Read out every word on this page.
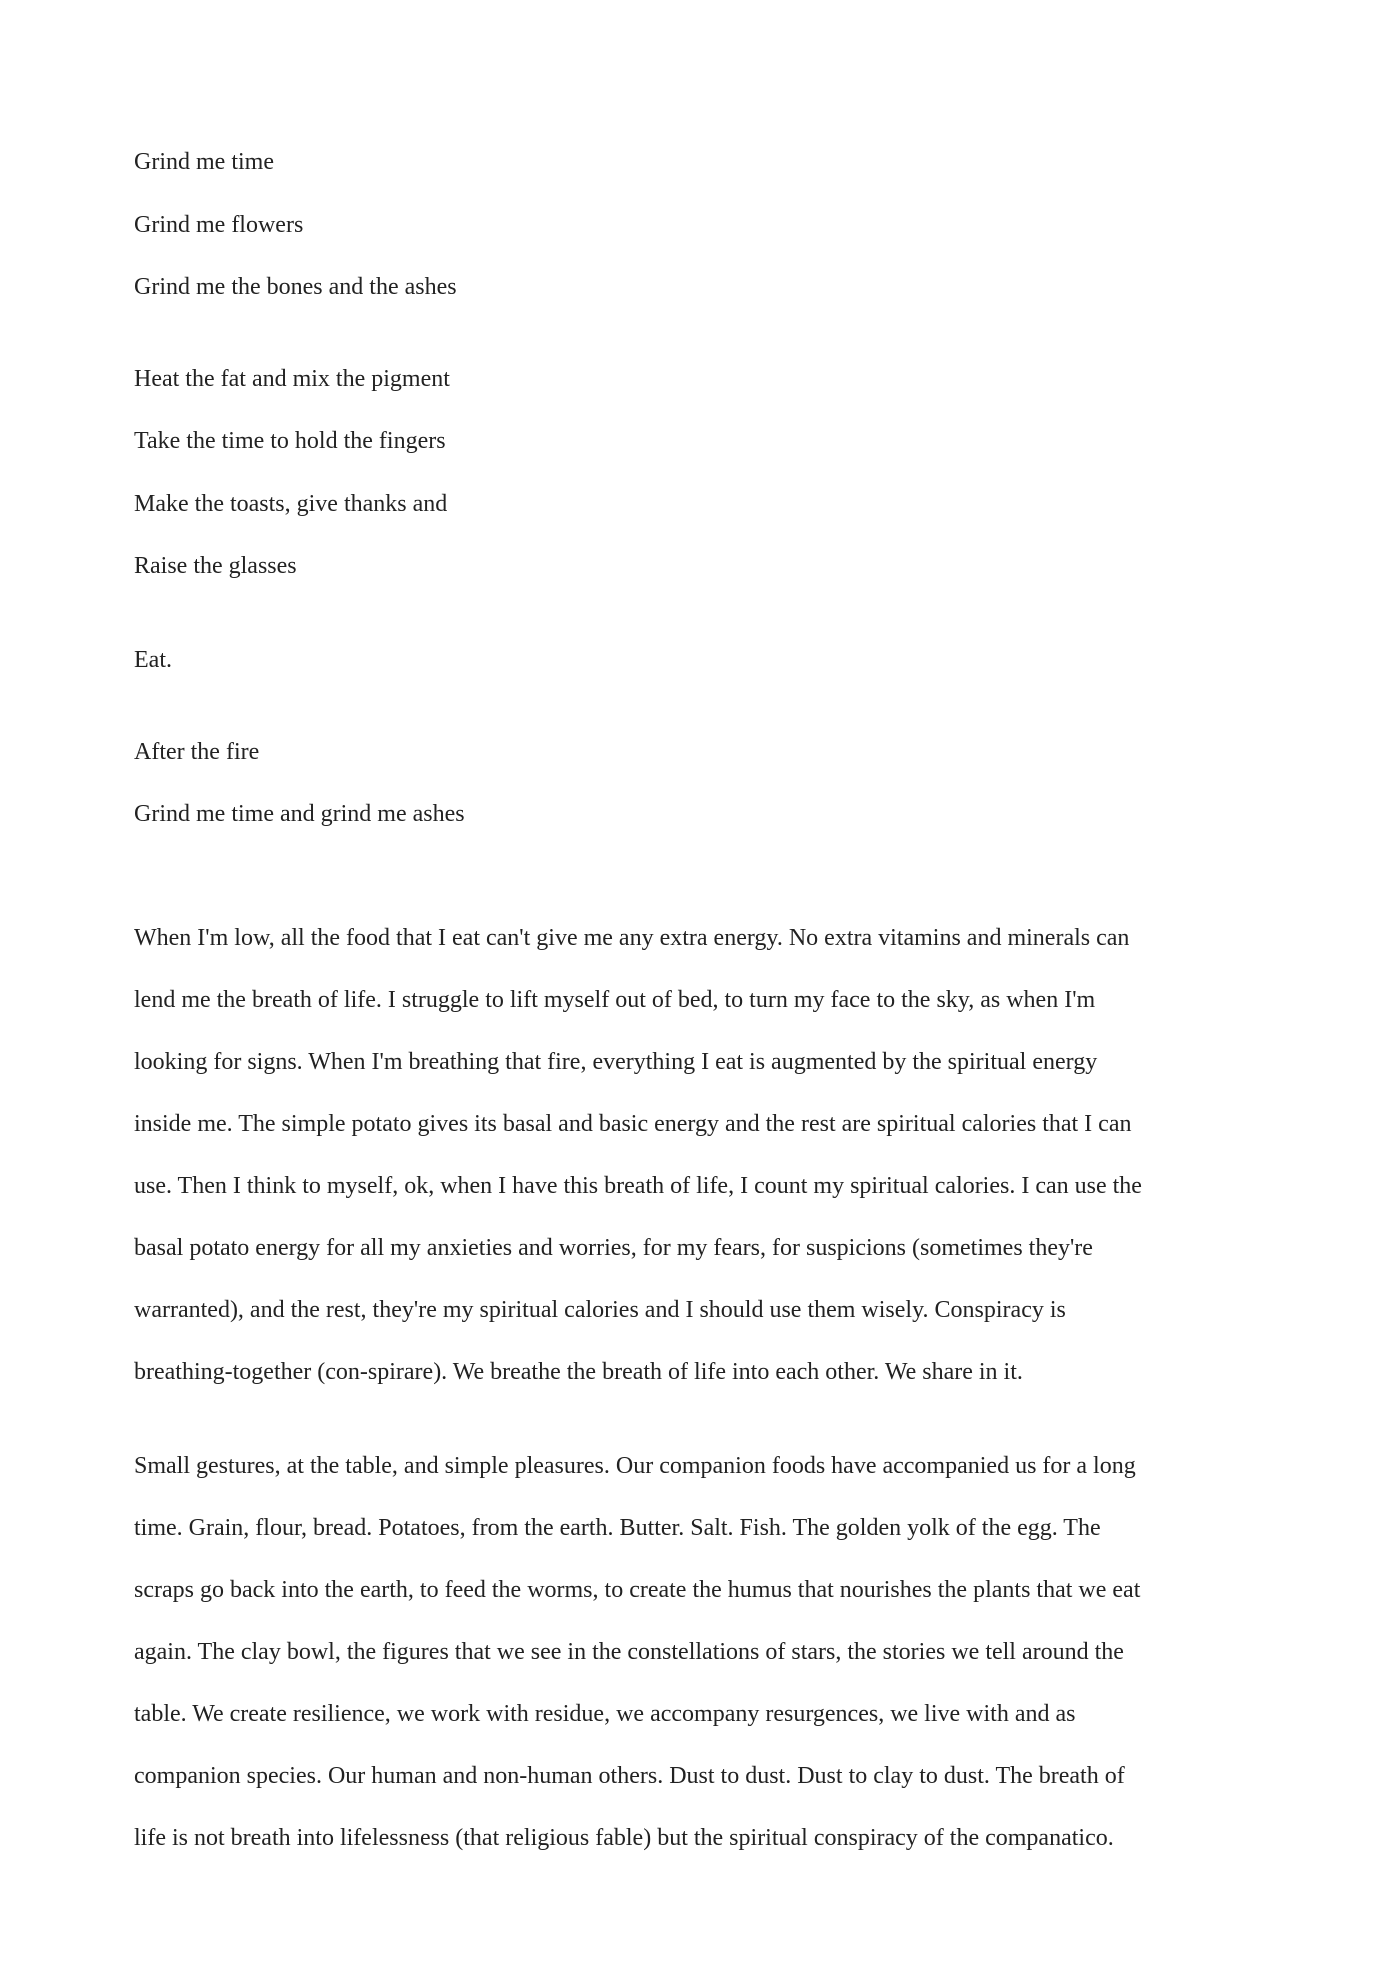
Grind me time
Grind me flowers
Grind me the bones and the ashes
Heat the fat and mix the pigment
Take the time to hold the fingers
Make the toasts, give thanks and
Raise the glasses
Eat.
After the fire
Grind me time and grind me ashes
When I'm low, all the food that I eat can't give me any extra energy. No extra vitamins and minerals can
lend me the breath of life. I struggle to lift myself out of bed, to turn my face to the sky, as when I'm
looking for signs. When I'm breathing that fire, everything I eat is augmented by the spiritual energy
inside me. The simple potato gives its basal and basic energy and the rest are spiritual calories that I can
use. Then I think to myself, ok, when I have this breath of life, I count my spiritual calories. I can use the
basal potato energy for all my anxieties and worries, for my fears, for suspicions (sometimes they're
warranted), and the rest, they're my spiritual calories and I should use them wisely. Conspiracy is
breathing-together (con-spirare). We breathe the breath of life into each other. We share in it.
Small gestures, at the table, and simple pleasures. Our companion foods have accompanied us for a long
time. Grain, flour, bread. Potatoes, from the earth. Butter. Salt. Fish. The golden yolk of the egg. The
scraps go back into the earth, to feed the worms, to create the humus that nourishes the plants that we eat
again. The clay bowl, the figures that we see in the constellations of stars, the stories we tell around the
table. We create resilience, we work with residue, we accompany resurgences, we live with and as
companion species. Our human and non-human others. Dust to dust. Dust to clay to dust. The breath of
life is not breath into lifelessness (that religious fable) but the spiritual conspiracy of the companatico.
